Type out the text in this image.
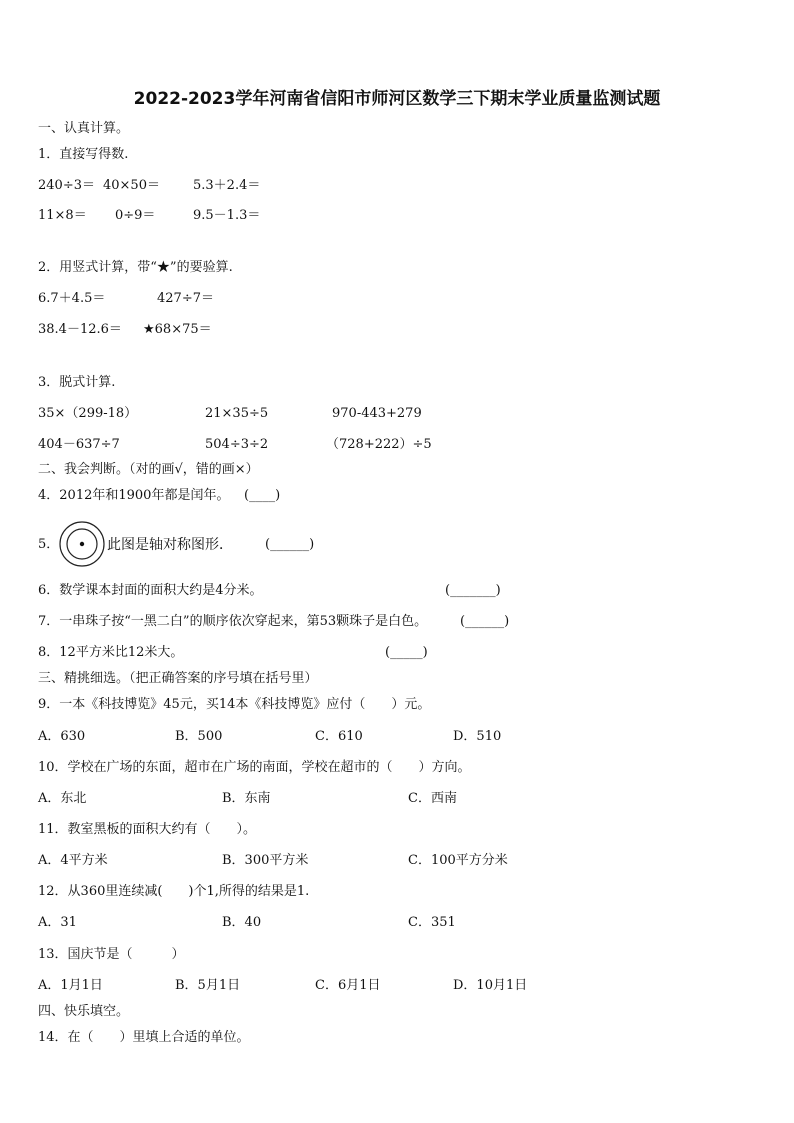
2022-2023学年河南省信阳市师河区数学三下期末学业质量监测试题
一、认真计算。
1．直接写得数.
240÷3＝ 40×50＝	5.3＋2.4＝
11×8＝ 0÷9＝	9.5－1.3＝
2．用竖式计算，带“★”的要验算.
6.7＋4.5＝	427÷7＝
38.4－12.6＝ ★68×75＝
3．脱式计算.
35×（299-18）	21×35÷5	970-443+279
404－637÷7	504÷3÷2	（728+222）÷5
二、我会判断。（对的画√，错的画×）
4．2012年和1900年都是闰年。 (____)
5．	此图是轴对称图形． (______)
6．数学课本封面的面积大约是4分米。	(_______)
7．一串珠子按“一黑二白”的顺序依次穿起来，第53颗珠子是白色。	(______)
8．12平方米比12米大。	(_____)
三、精挑细选。（把正确答案的序号填在括号里）
9．一本《科技博览》45元，买14本《科技博览》应付（　　）元。
A．630	B．500	C．610	D．510
10．学校在广场的东面，超市在广场的南面，学校在超市的（　　）方向。
A．东北	B．东南	C．西南
11．教室黑板的面积大约有（　　）。
A．4平方米	B．300平方米	C．100平方分米
12．从360里连续减(　　)个1,所得的结果是1.
A．31	B．40	C．351
13．国庆节是（　　　）
A．1月1日	B．5月1日	C．6月1日	D．10月1日
四、快乐填空。
14．在（　　）里填上合适的单位。
